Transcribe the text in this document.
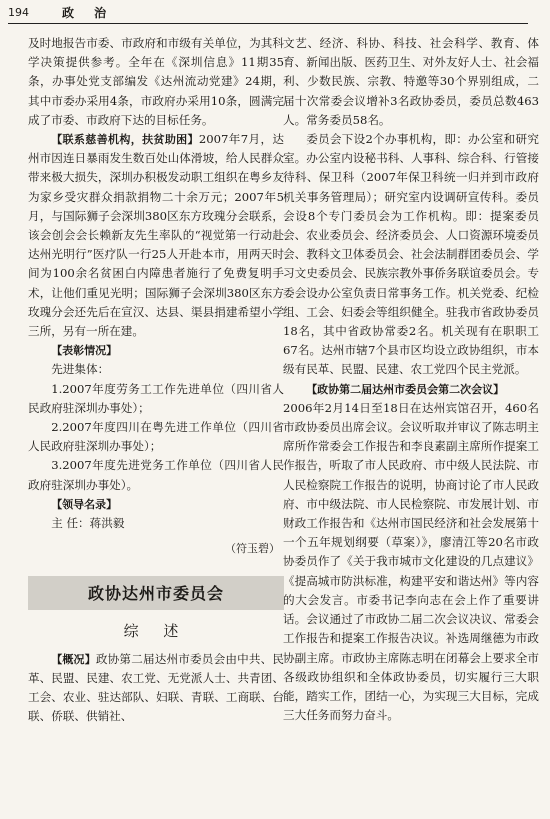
194	政 治

及时地报告市委、市政府和市级有关单位，为其科学决策提供参考。全年在《深圳信息》11期35条，办事处党支部编发《达州流动党建》24期，其中市委办采用4条，市政府办采用10条，圆满完成了市委、市政府下达的目标任务。

【联系慈善机构，扶贫助困】2007年7月，达州市因连日暴雨发生数百处山体滑坡，给人民群众带来极大损失，深圳办积极发动职工组织在粤乡友为家乡受灾群众捐款捐物二十余万元；2007年5月，与国际狮子会深圳380区东方玫瑰分会联系，该会创会会长赖新友先生率队的“视觉第一行动赴达州光明行”医疗队一行25人开赴本市，用两天时间为100余名贫困白内障患者施行了免费复明手术，让他们重见光明；国际狮子会深圳380区东方玫瑰分会还先后在宣汉、达县、渠县捐建希望小学三所，另有一所在建。

【表彰情况】

先进集体：

1.2007年度劳务工工作先进单位（四川省人民政府驻深圳办事处）；

2.2007年度四川在粤先进工作单位（四川省人民政府驻深圳办事处）；

3.2007年度先进党务工作单位（四川省人民政府驻深圳办事处）。

【领导名录】

主 任：蒋洪毅

（符玉碧）
政协达州市委员会
综 述

【概况】政协第二届达州市委员会由中共、民革、民盟、民建、农工党、无党派人士、共青团、工会、农业、驻达部队、妇联、青联、工商联、台联、侨联、供销社、

文艺、经济、科协、科技、社会科学、教育、体育、新闻出版、医药卫生、对外友好人士、社会福利、少数民族、宗教、特邀等30个界别组成，二届十次常委会议增补3名政协委员，委员总数463人。常务委员58名。

委员会下设2个办事机构，即：办公室和研究室。办公室内设秘书科、人事科、综合科、行管接待科、保卫科（2007年保卫科统一归并到市政府机关事务管理局）；研究室内设调研宣传科。委员会设8个专门委员会为工作机构。即：提案委员会、农业委员会、经济委员会、人口资源环境委员会、教科文卫体委员会、社会法制群团委员会、学习文史委员会、民族宗教外事侨务联谊委员会。专委会设办公室负责日常事务工作。机关党委、纪检组、工会、妇委会等组织健全。驻我市省政协委员18名，其中省政协常委2名。机关现有在职职工67名。达州市辖7个县市区均设立政协组织，市本级有民革、民盟、民建、农工党四个民主党派。

【政协第二届达州市委员会第二次会议】

2006年2月14日至18日在达州宾馆召开，460名市政协委员出席会议。会议听取并审议了陈志明主席所作常委会工作报告和李良素副主席所作提案工作报告，听取了市人民政府、市中级人民法院、市人民检察院工作报告的说明，协商讨论了市人民政府、市中级法院、市人民检察院、市发展计划、市财政工作报告和《达州市国民经济和社会发展第十一个五年规划纲要（草案）》，廖清江等20名市政协委员作了《关于我市城市文化建设的几点建议》《提高城市防洪标准，构建平安和谐达州》等内容的大会发言。市委书记李向志在会上作了重要讲话。会议通过了市政协二届二次会议决议、常委会工作报告和提案工作报告决议。补选周继德为市政协副主席。市政协主席陈志明在闭幕会上要求全市各级政协组织和全体政协委员，切实履行三大职能，踏实工作，团结一心，为实现三大目标，完成三大任务而努力奋斗。
